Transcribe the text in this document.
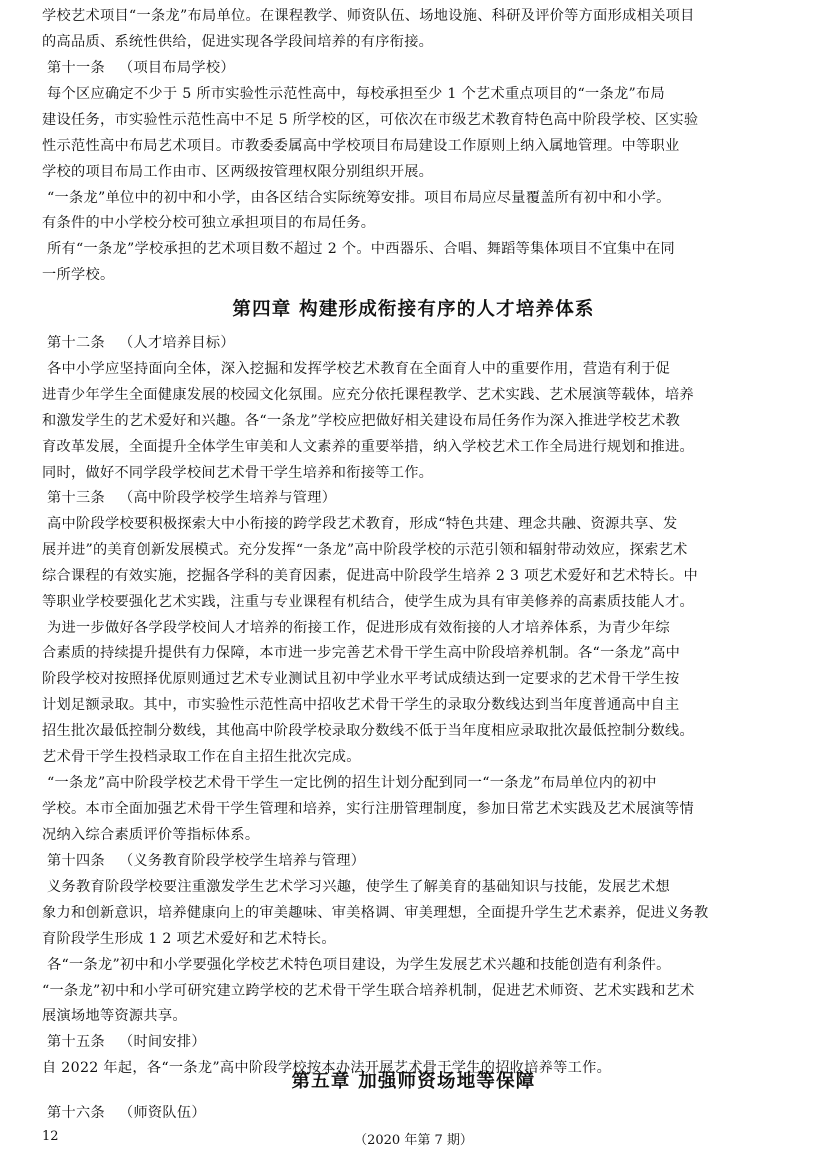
学校艺术项目“一条龙”布局单位。在课程教学、师资队伍、场地设施、科研及评价等方面形成相关项目

的高品质、系统性供给，促进实现各学段间培养的有序衔接。

第十一条 （项目布局学校）

每个区应确定不少于 5 所市实验性示范性高中，每校承担至少 1 个艺术重点项目的“一条龙”布局

建设任务，市实验性示范性高中不足 5 所学校的区，可依次在市级艺术教育特色高中阶段学校、区实验

性示范性高中布局艺术项目。市教委委属高中学校项目布局建设工作原则上纳入属地管理。中等职业

学校的项目布局工作由市、区两级按管理权限分别组织开展。

“一条龙”单位中的初中和小学，由各区结合实际统筹安排。项目布局应尽量覆盖所有初中和小学。

有条件的中小学校分校可独立承担项目的布局任务。

所有“一条龙”学校承担的艺术项目数不超过 2 个。中西器乐、合唱、舞蹈等集体项目不宜集中在同

一所学校。

第四章 构建形成衔接有序的人才培养体系

第十二条 （人才培养目标）

各中小学应坚持面向全体，深入挖掘和发挥学校艺术教育在全面育人中的重要作用，营造有利于促

进青少年学生全面健康发展的校园文化氛围。应充分依托课程教学、艺术实践、艺术展演等载体，培养

和激发学生的艺术爱好和兴趣。各“一条龙”学校应把做好相关建设布局任务作为深入推进学校艺术教

育改革发展，全面提升全体学生审美和人文素养的重要举措，纳入学校艺术工作全局进行规划和推进。

同时，做好不同学段学校间艺术骨干学生培养和衔接等工作。

第十三条 （高中阶段学校学生培养与管理）

高中阶段学校要积极探索大中小衔接的跨学段艺术教育，形成“特色共建、理念共融、资源共享、发

展并进”的美育创新发展模式。充分发挥“一条龙”高中阶段学校的示范引领和辐射带动效应，探索艺术

综合课程的有效实施，挖掘各学科的美育因素，促进高中阶段学生培养 2 3 项艺术爱好和艺术特长。中

等职业学校要强化艺术实践，注重与专业课程有机结合，使学生成为具有审美修养的高素质技能人才。

为进一步做好各学段学校间人才培养的衔接工作，促进形成有效衔接的人才培养体系，为青少年综

合素质的持续提升提供有力保障，本市进一步完善艺术骨干学生高中阶段培养机制。各“一条龙”高中

阶段学校对按照择优原则通过艺术专业测试且初中学业水平考试成绩达到一定要求的艺术骨干学生按

计划足额录取。其中，市实验性示范性高中招收艺术骨干学生的录取分数线达到当年度普通高中自主

招生批次最低控制分数线，其他高中阶段学校录取分数线不低于当年度相应录取批次最低控制分数线。

艺术骨干学生投档录取工作在自主招生批次完成。

“一条龙”高中阶段学校艺术骨干学生一定比例的招生计划分配到同一“一条龙”布局单位内的初中

学校。本市全面加强艺术骨干学生管理和培养，实行注册管理制度，参加日常艺术实践及艺术展演等情

况纳入综合素质评价等指标体系。

第十四条 （义务教育阶段学校学生培养与管理）

义务教育阶段学校要注重激发学生艺术学习兴趣，使学生了解美育的基础知识与技能，发展艺术想

象力和创新意识，培养健康向上的审美趣味、审美格调、审美理想，全面提升学生艺术素养，促进义务教

育阶段学生形成 1 2 项艺术爱好和艺术特长。

各“一条龙”初中和小学要强化学校艺术特色项目建设，为学生发展艺术兴趣和技能创造有利条件。

“一条龙”初中和小学可研究建立跨学校的艺术骨干学生联合培养机制，促进艺术师资、艺术实践和艺术

展演场地等资源共享。

第十五条 （时间安排）

自 2022 年起，各“一条龙”高中阶段学校按本办法开展艺术骨干学生的招收培养等工作。

第五章 加强师资场地等保障

第十六条 （师资队伍）

12	（2020 年第 7 期）
